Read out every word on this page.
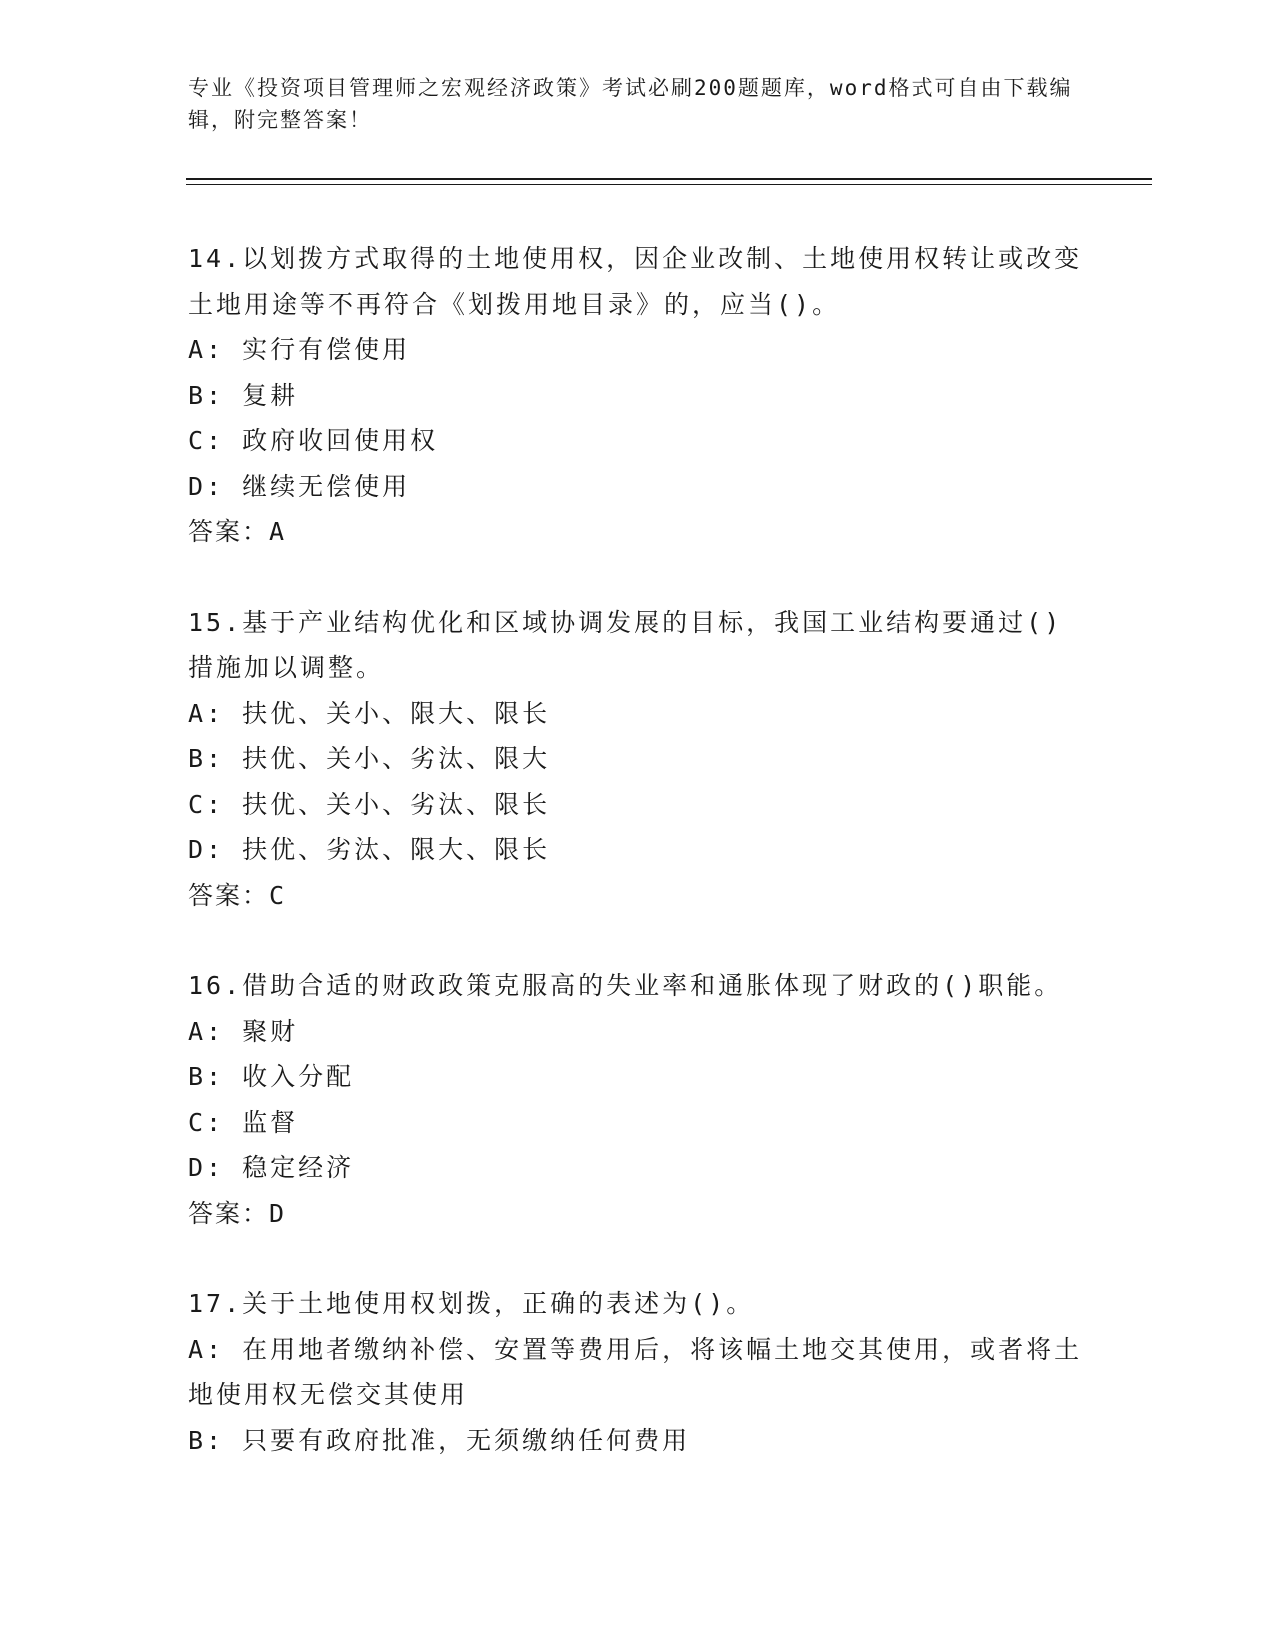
专业《投资项目管理师之宏观经济政策》考试必刷200题题库，word格式可自由下载编辑，附完整答案！
14.以划拨方式取得的土地使用权，因企业改制、土地使用权转让或改变土地用途等不再符合《划拨用地目录》的，应当()。
A: 实行有偿使用
B: 复耕
C: 政府收回使用权
D: 继续无偿使用
答案：A
15.基于产业结构优化和区域协调发展的目标，我国工业结构要通过()措施加以调整。
A: 扶优、关小、限大、限长
B: 扶优、关小、劣汰、限大
C: 扶优、关小、劣汰、限长
D: 扶优、劣汰、限大、限长
答案：C
16.借助合适的财政政策克服高的失业率和通胀体现了财政的()职能。
A: 聚财
B: 收入分配
C: 监督
D: 稳定经济
答案：D
17.关于土地使用权划拨，正确的表述为()。
A: 在用地者缴纳补偿、安置等费用后，将该幅土地交其使用，或者将土地使用权无偿交其使用
B: 只要有政府批准，无须缴纳任何费用
